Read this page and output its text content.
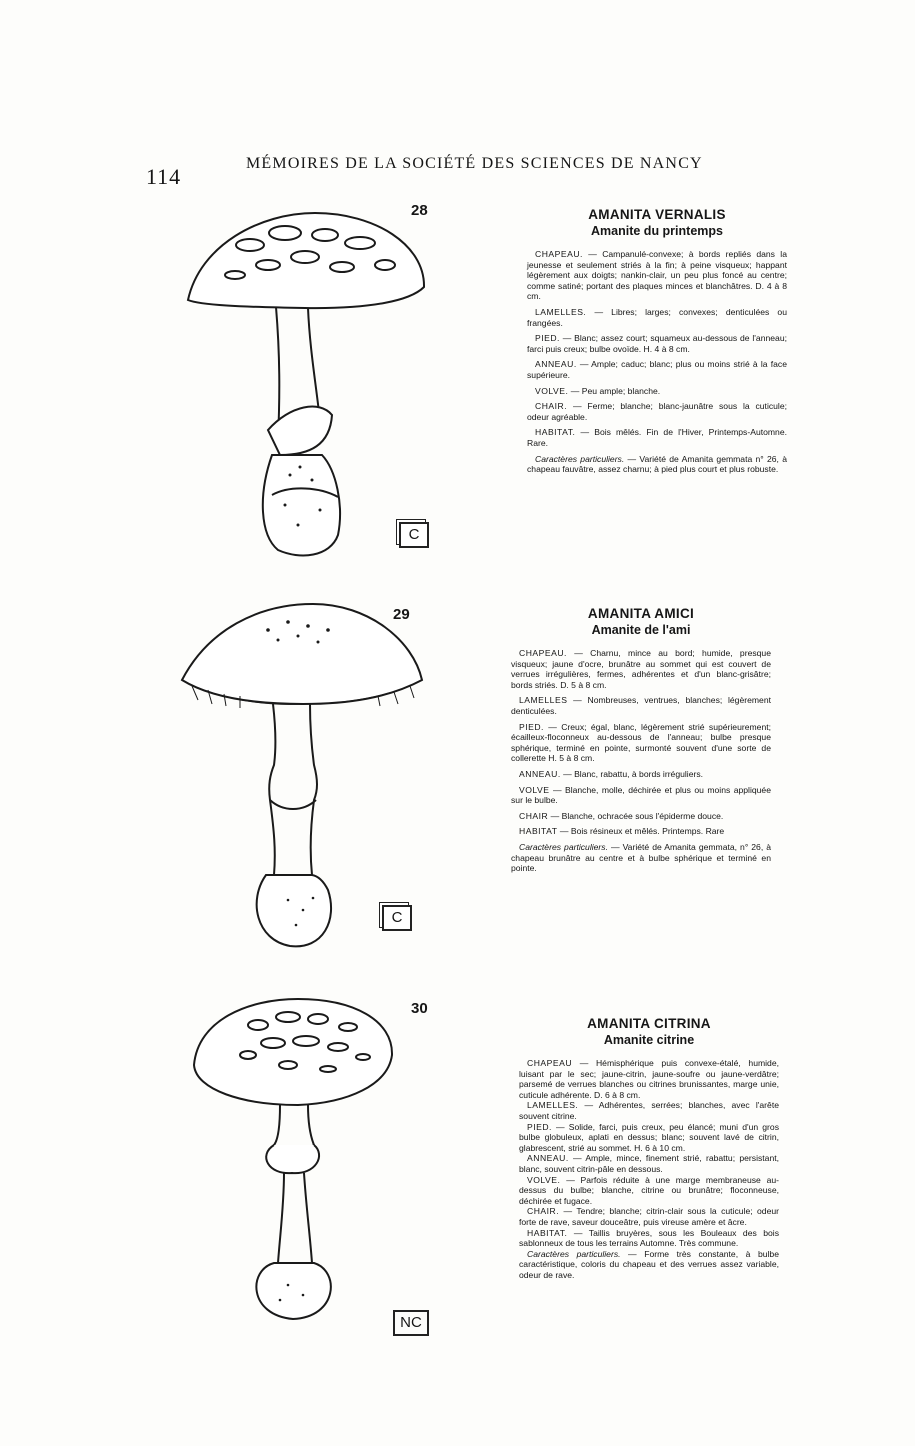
114
MÉMOIRES DE LA SOCIÉTÉ DES SCIENCES DE NANCY
28
C
AMANITA VERNALIS
Amanite du printemps

CHAPEAU. — Campanulé-convexe; à bords repliés dans la jeunesse et seulement striés à la fin; à peine visqueux; happant légèrement aux doigts; nankin-clair, un peu plus foncé au centre; comme satiné; portant des plaques minces et blanchâtres. D. 4 à 8 cm.

LAMELLES. — Libres; larges; convexes; denticulées ou frangées.

PIED. — Blanc; assez court; squameux au-dessous de l'anneau; farci puis creux; bulbe ovoïde. H. 4 à 8 cm.

ANNEAU. — Ample; caduc; blanc; plus ou moins strié à la face supérieure.

VOLVE. — Peu ample; blanche.

CHAIR. — Ferme; blanche; blanc-jaunâtre sous la cuticule; odeur agréable.

HABITAT. — Bois mêlés. Fin de l'Hiver, Printemps-Automne. Rare.

Caractères particuliers. — Variété de Amanita gemmata n° 26, à chapeau fauvâtre, assez charnu; à pied plus court et plus robuste.

29
C
AMANITA AMICI
Amanite de l'ami

CHAPEAU. — Charnu, mince au bord; humide, presque visqueux; jaune d'ocre, brunâtre au sommet qui est couvert de verrues irrégulières, fermes, adhérentes et d'un blanc-grisâtre; bords striés. D. 5 à 8 cm.

LAMELLES — Nombreuses, ventrues, blanches; légèrement denticulées.

PIED. — Creux; égal, blanc, légèrement strié supérieurement; écailleux-floconneux au-dessous de l'anneau; bulbe presque sphérique, terminé en pointe, surmonté souvent d'une sorte de collerette H. 5 à 8 cm.

ANNEAU. — Blanc, rabattu, à bords irréguliers.

VOLVE — Blanche, molle, déchirée et plus ou moins appliquée sur le bulbe.

CHAIR — Blanche, ochracée sous l'épiderme douce.

HABITAT — Bois résineux et mêlés. Printemps. Rare

Caractères particuliers. — Variété de Amanita gemmata, n° 26, à chapeau brunâtre au centre et à bulbe sphérique et terminé en pointe.

30
NC
AMANITA CITRINA
Amanite citrine

CHAPEAU — Hémisphérique puis convexe-étalé, humide, luisant par le sec; jaune-citrin, jaune-soufre ou jaune-verdâtre; parsemé de verrues blanches ou citrines brunissantes, marge unie, cuticule adhérente. D. 6 à 8 cm.

LAMELLES. — Adhérentes, serrées; blanches, avec l'arête souvent citrine.

PIED. — Solide, farci, puis creux, peu élancé; muni d'un gros bulbe globuleux, aplati en dessus; blanc; souvent lavé de citrin, glabrescent, strié au sommet. H. 6 à 10 cm.

ANNEAU. — Ample, mince, finement strié, rabattu; persistant, blanc, souvent citrin-pâle en dessous.

VOLVE. — Parfois réduite à une marge membraneuse au-dessus du bulbe; blanche, citrine ou brunâtre; floconneuse, déchirée et fugace.

CHAIR. — Tendre; blanche; citrin-clair sous la cuticule; odeur forte de rave, saveur douceâtre, puis vireuse amère et âcre.

HABITAT. — Taillis bruyères, sous les Bouleaux des bois sablonneux de tous les terrains Automne. Très commune.

Caractères particuliers. — Forme très constante, à bulbe caractéristique, coloris du chapeau et des verrues assez variable, odeur de rave.
